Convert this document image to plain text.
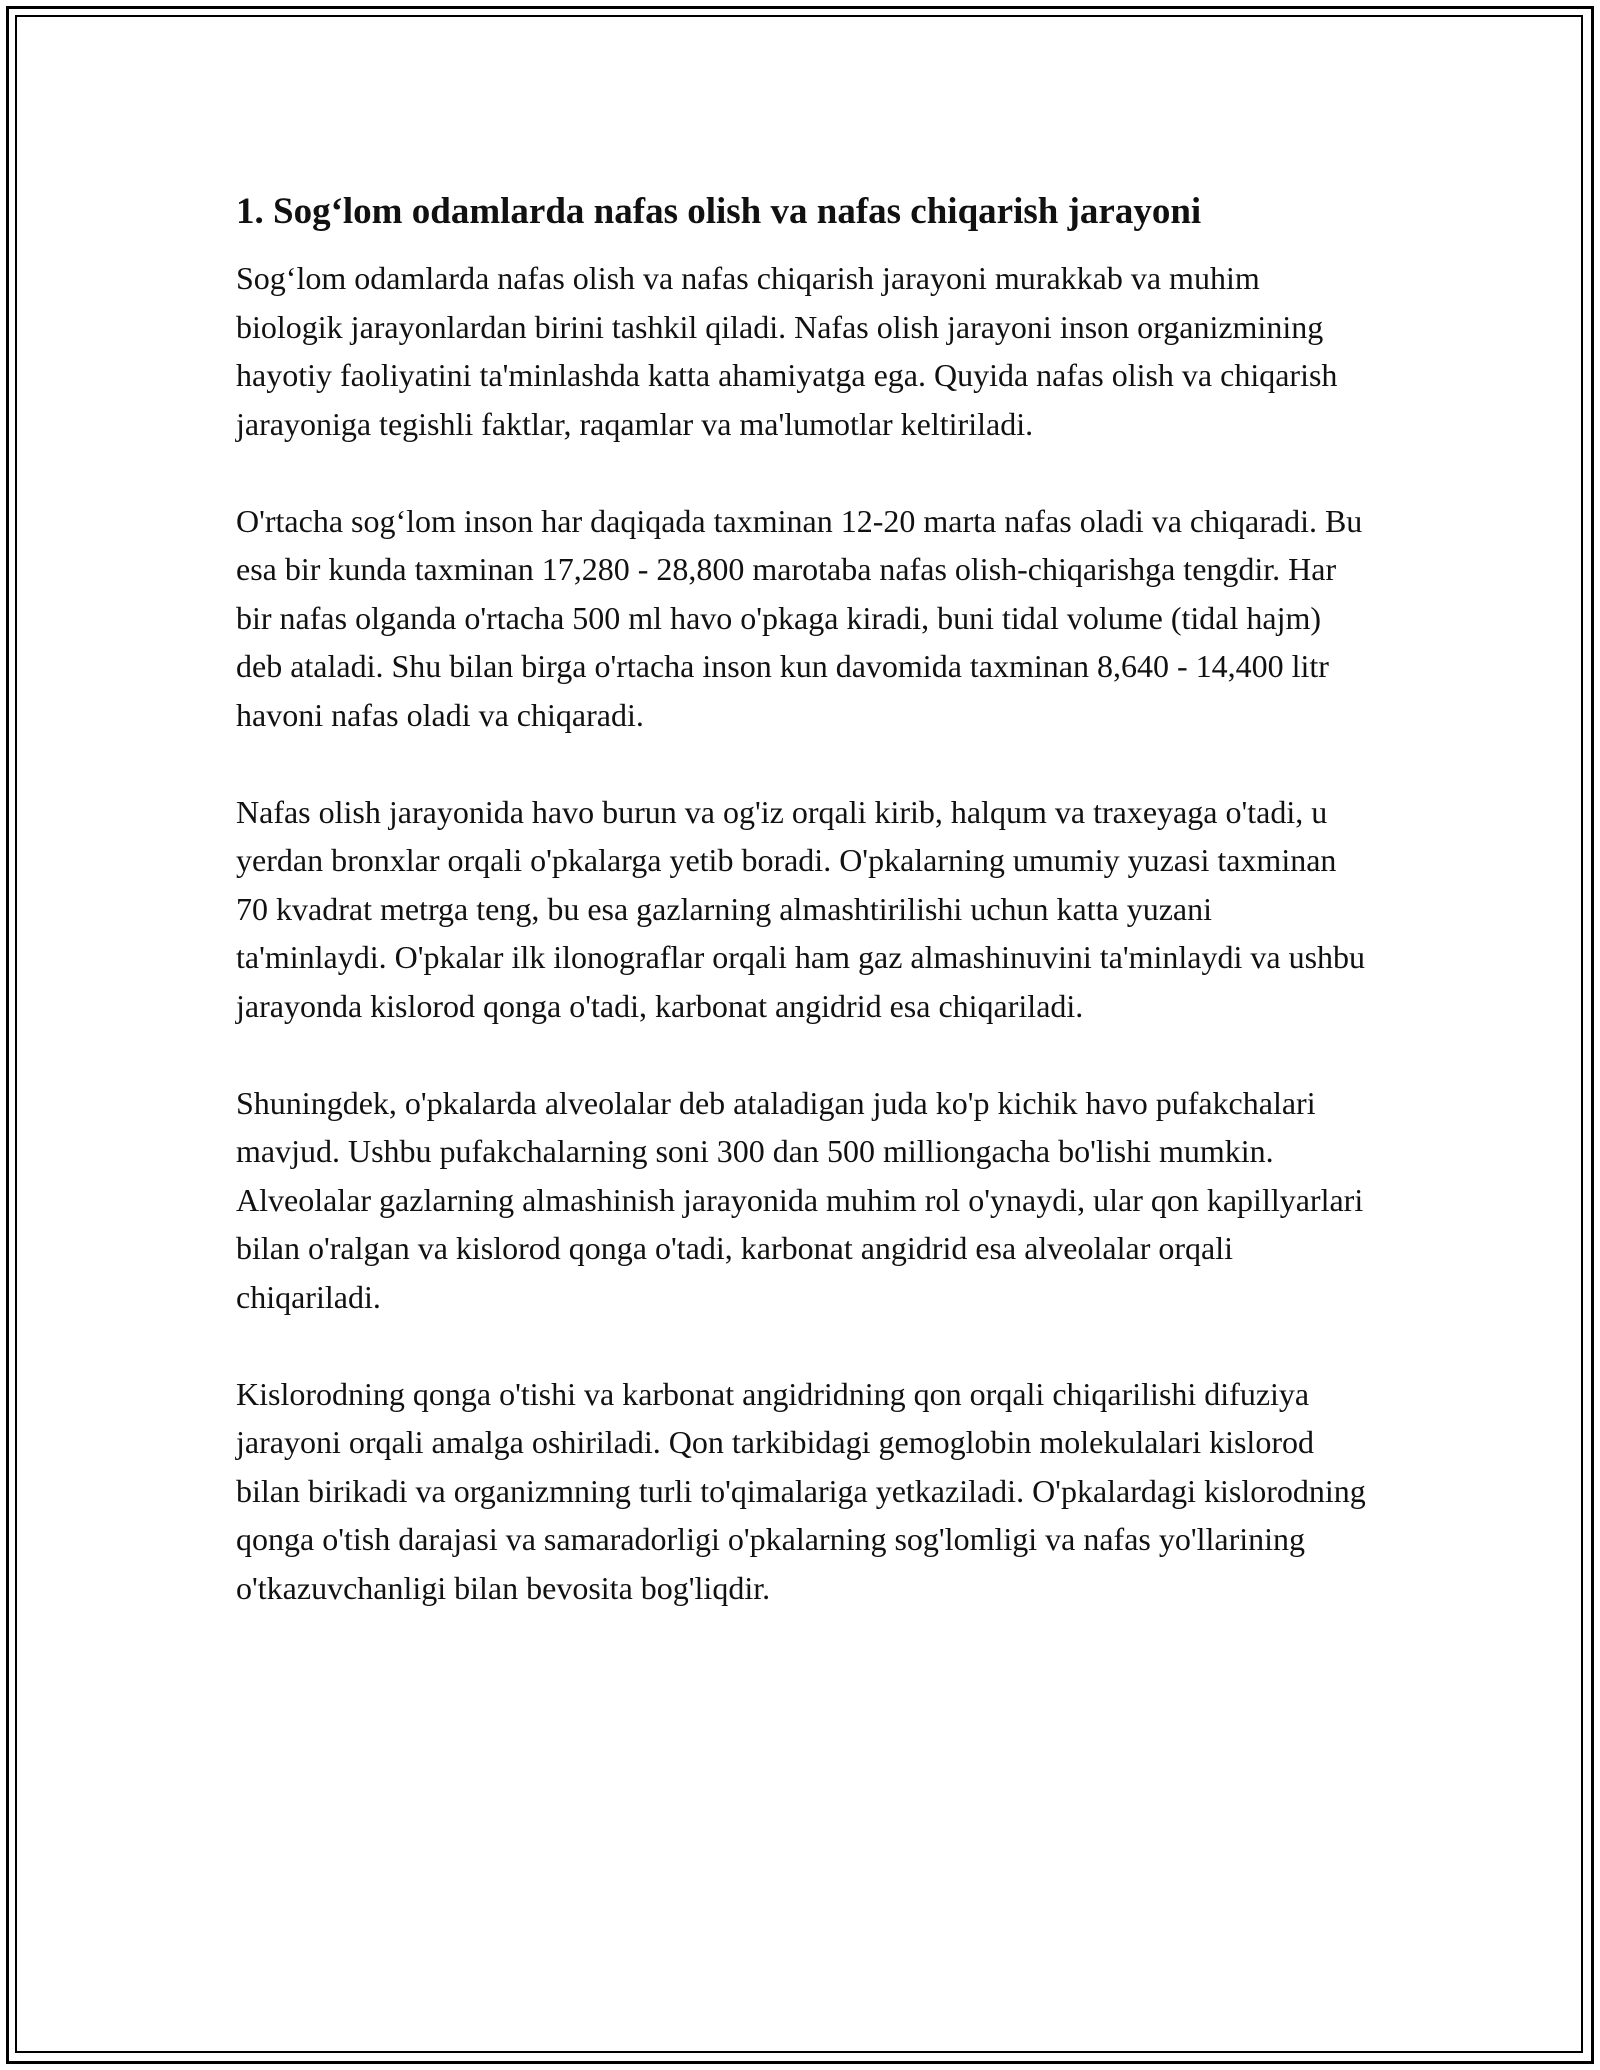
1. Sog‘lom odamlarda nafas olish va nafas chiqarish jarayoni

Sog‘lom odamlarda nafas olish va nafas chiqarish jarayoni murakkab va muhim biologik jarayonlardan birini tashkil qiladi. Nafas olish jarayoni inson organizmining hayotiy faoliyatini ta'minlashda katta ahamiyatga ega. Quyida nafas olish va chiqarish jarayoniga tegishli faktlar, raqamlar va ma'lumotlar keltiriladi.

O'rtacha sog‘lom inson har daqiqada taxminan 12-20 marta nafas oladi va chiqaradi. Bu esa bir kunda taxminan 17,280 - 28,800 marotaba nafas olish-chiqarishga tengdir. Har bir nafas olganda o'rtacha 500 ml havo o'pkaga kiradi, buni tidal volume (tidal hajm) deb ataladi. Shu bilan birga o'rtacha inson kun davomida taxminan 8,640 - 14,400 litr havoni nafas oladi va chiqaradi.

Nafas olish jarayonida havo burun va og'iz orqali kirib, halqum va traxeyaga o'tadi, u yerdan bronxlar orqali o'pkalarga yetib boradi. O'pkalarning umumiy yuzasi taxminan 70 kvadrat metrga teng, bu esa gazlarning almashtirilishi uchun katta yuzani ta'minlaydi. O'pkalar ilk ilonograflar orqali ham gaz almashinuvini ta'minlaydi va ushbu jarayonda kislorod qonga o'tadi, karbonat angidrid esa chiqariladi.

Shuningdek, o'pkalarda alveolalar deb ataladigan juda ko'p kichik havo pufakchalari mavjud. Ushbu pufakchalarning soni 300 dan 500 milliongacha bo'lishi mumkin. Alveolalar gazlarning almashinish jarayonida muhim rol o'ynaydi, ular qon kapillyarlari bilan o'ralgan va kislorod qonga o'tadi, karbonat angidrid esa alveolalar orqali chiqariladi.

Kislorodning qonga o'tishi va karbonat angidridning qon orqali chiqarilishi difuziya jarayoni orqali amalga oshiriladi. Qon tarkibidagi gemoglobin molekulalari kislorod bilan birikadi va organizmning turli to'qimalariga yetkaziladi. O'pkalardagi kislorodning qonga o'tish darajasi va samaradorligi o'pkalarning sog'lomligi va nafas yo'llarining o'tkazuvchanligi bilan bevosita bog'liqdir.
